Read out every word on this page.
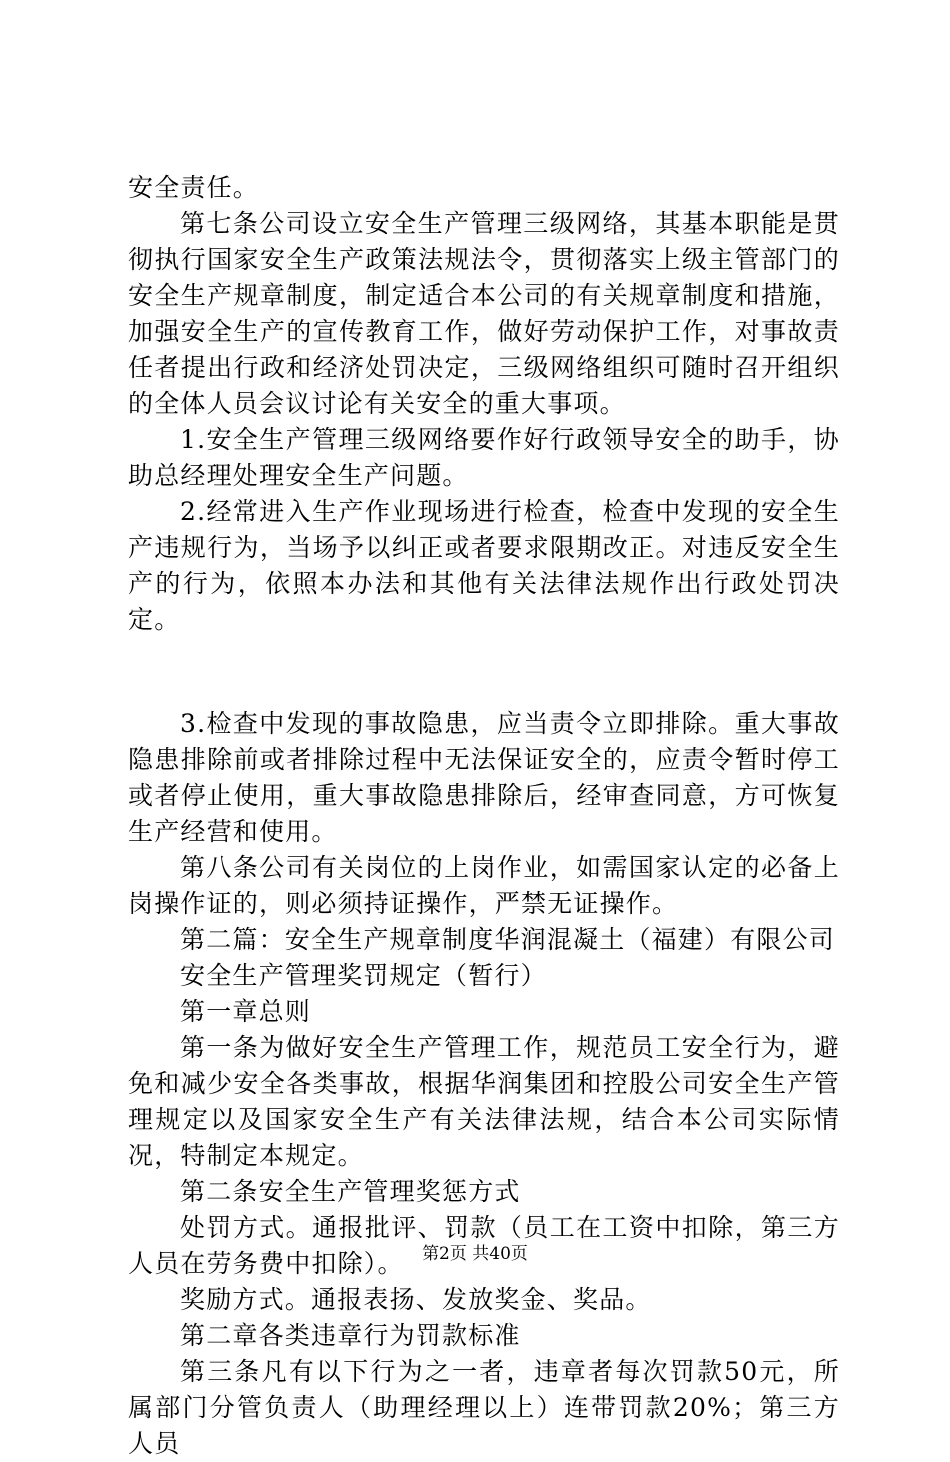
安全责任。

第七条公司设立安全生产管理三级网络，其基本职能是贯彻执行国家安全生产政策法规法令，贯彻落实上级主管部门的安全生产规章制度，制定适合本公司的有关规章制度和措施，加强安全生产的宣传教育工作，做好劳动保护工作，对事故责任者提出行政和经济处罚决定，三级网络组织可随时召开组织的全体人员会议讨论有关安全的重大事项。

1.安全生产管理三级网络要作好行政领导安全的助手，协助总经理处理安全生产问题。

2.经常进入生产作业现场进行检查，检查中发现的安全生产违规行为，当场予以纠正或者要求限期改正。对违反安全生产的行为，依照本办法和其他有关法律法规作出行政处罚决定。

3.检查中发现的事故隐患，应当责令立即排除。重大事故隐患排除前或者排除过程中无法保证安全的，应责令暂时停工或者停止使用，重大事故隐患排除后，经审查同意，方可恢复生产经营和使用。

第八条公司有关岗位的上岗作业，如需国家认定的必备上岗操作证的，则必须持证操作，严禁无证操作。

第二篇：安全生产规章制度华润混凝土（福建）有限公司

安全生产管理奖罚规定（暂行）

第一章总则

第一条为做好安全生产管理工作，规范员工安全行为，避免和减少安全各类事故，根据华润集团和控股公司安全生产管理规定以及国家安全生产有关法律法规，结合本公司实际情况，特制定本规定。

第二条安全生产管理奖惩方式

处罚方式。通报批评、罚款（员工在工资中扣除，第三方人员在劳务费中扣除）。

奖励方式。通报表扬、发放奖金、奖品。

第二章各类违章行为罚款标准

第三条凡有以下行为之一者，违章者每次罚款50元，所属部门分管负责人（助理经理以上）连带罚款20%；第三方人员

第2页 共40页
